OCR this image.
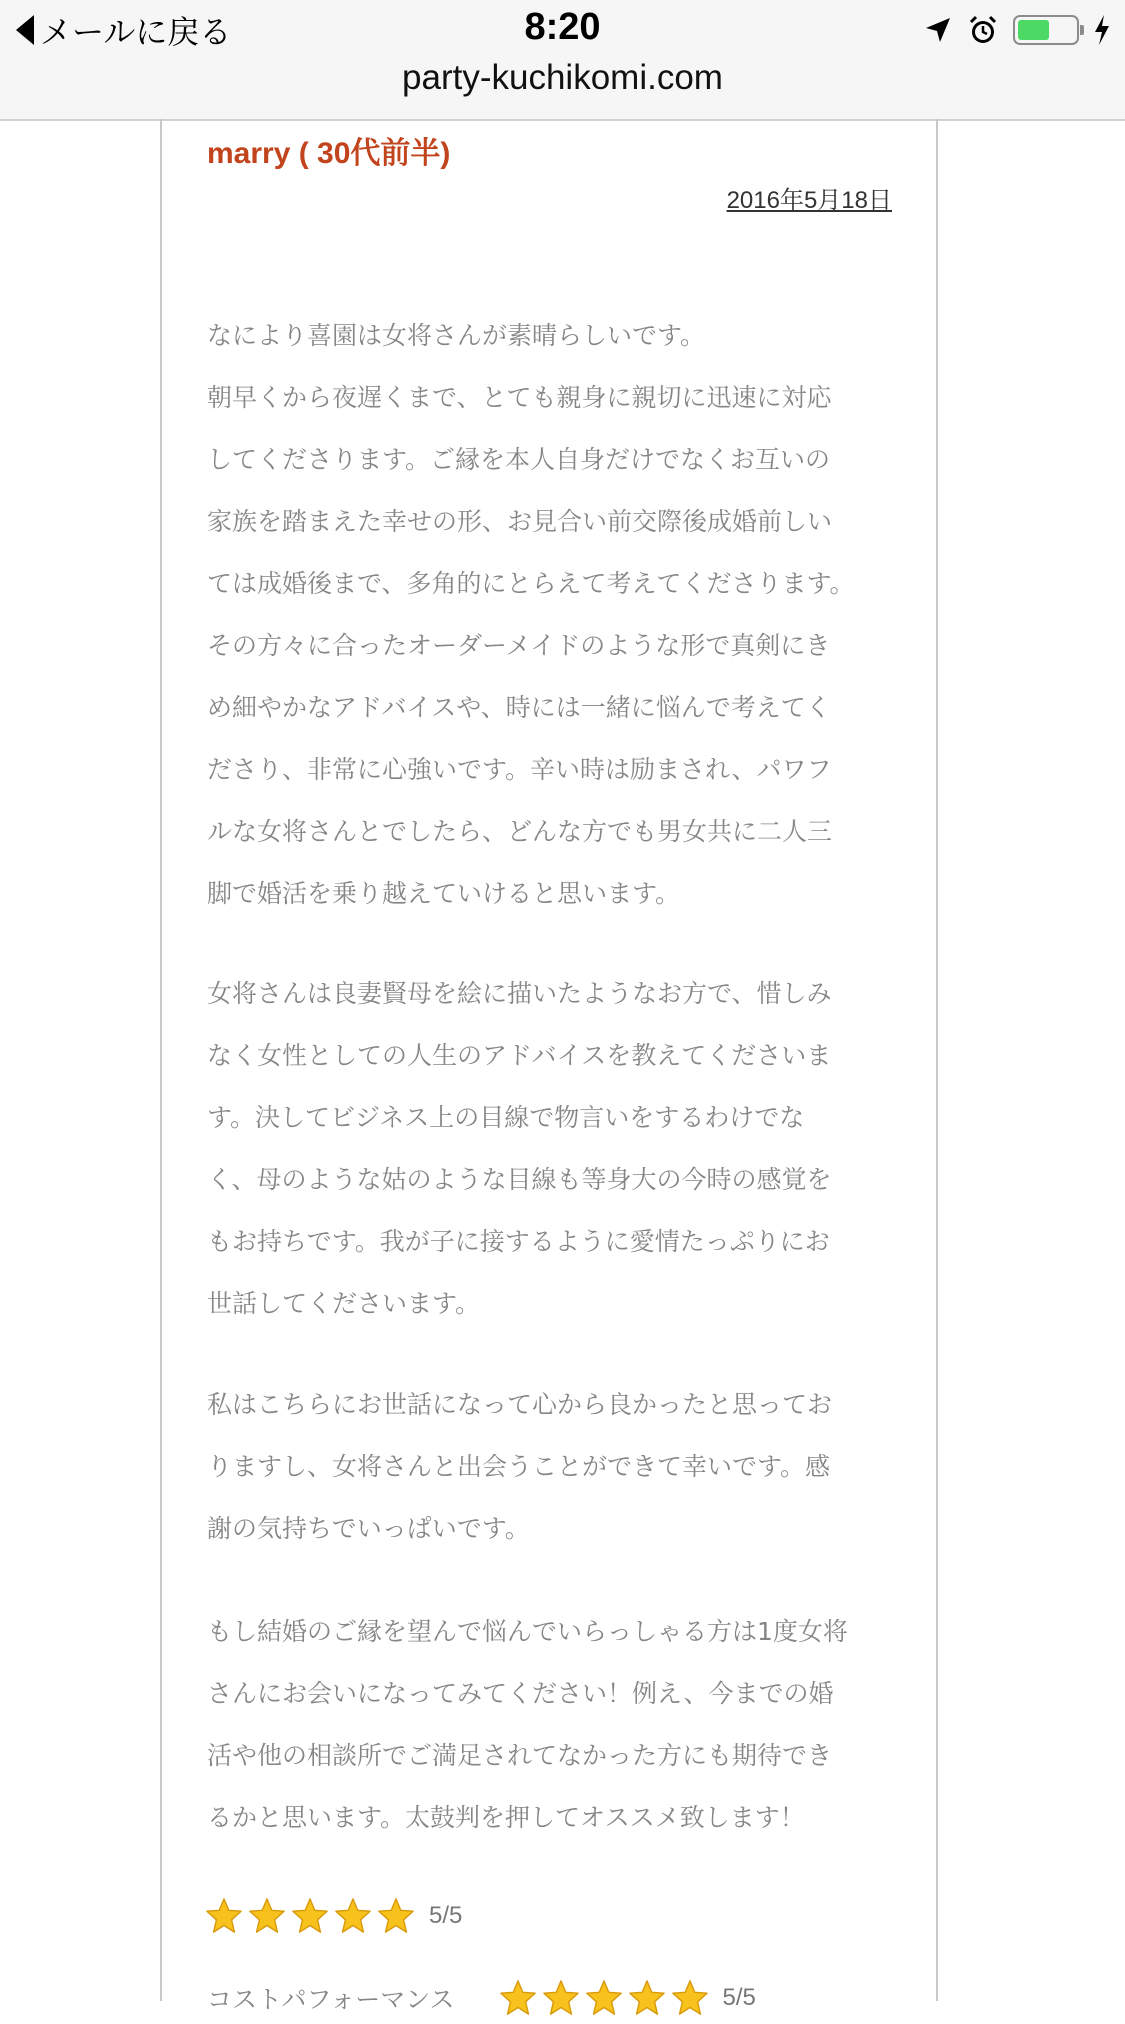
メールに戻る	8:20
party-kuchikomi.com
marry ( 30代前半)
2016年5月18日
なにより喜園は女将さんが素晴らしいです。
朝早くから夜遅くまで、とても親身に親切に迅速に対応
してくださります。ご縁を本人自身だけでなくお互いの
家族を踏まえた幸せの形、お見合い前交際後成婚前しい
ては成婚後まで、多角的にとらえて考えてくださります。
その方々に合ったオーダーメイドのような形で真剣にき
め細やかなアドバイスや、時には一緒に悩んで考えてく
ださり、非常に心強いです。辛い時は励まされ、パワフ
ルな女将さんとでしたら、どんな方でも男女共に二人三
脚で婚活を乗り越えていけると思います。
女将さんは良妻賢母を絵に描いたようなお方で、惜しみ
なく女性としての人生のアドバイスを教えてくださいま
す。決してビジネス上の目線で物言いをするわけでな
く、母のような姑のような目線も等身大の今時の感覚を
もお持ちです。我が子に接するように愛情たっぷりにお
世話してくださいます。
私はこちらにお世話になって心から良かったと思ってお
りますし、女将さんと出会うことができて幸いです。感
謝の気持ちでいっぱいです。
もし結婚のご縁を望んで悩んでいらっしゃる方は1度女将
さんにお会いになってみてください！例え、今までの婚
活や他の相談所でご満足されてなかった方にも期待でき
るかと思います。太鼓判を押してオススメ致します！
5/5
コストパフォーマンス	5/5
